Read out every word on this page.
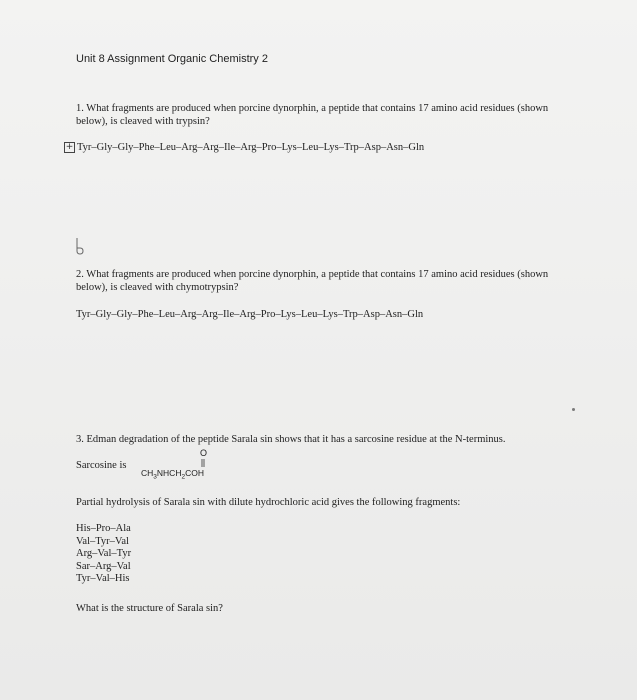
Unit 8 Assignment Organic Chemistry 2
1. What fragments are produced when porcine dynorphin, a peptide that contains 17 amino acid residues (shown below), is cleaved with trypsin?
+ Tyr–Gly–Gly–Phe–Leu–Arg–Arg–Ile–Arg–Pro–Lys–Leu–Lys–Trp–Asp–Asn–Gln
2. What fragments are produced when porcine dynorphin, a peptide that contains 17 amino acid residues (shown below), is cleaved with chymotrypsin?
Tyr–Gly–Gly–Phe–Leu–Arg–Arg–Ile–Arg–Pro–Lys–Leu–Lys–Trp–Asp–Asn–Gln
3. Edman degradation of the peptide Sarala sin shows that it has a sarcosine residue at the N-terminus.
Sarcosine is
O
$CH_3NHCH_2COH$
Partial hydrolysis of Sarala sin with dilute hydrochloric acid gives the following fragments:
His–Pro–Ala
Val–Tyr–Val
Arg–Val–Tyr
Sar–Arg–Val
Tyr–Val–His
What is the structure of Sarala sin?
